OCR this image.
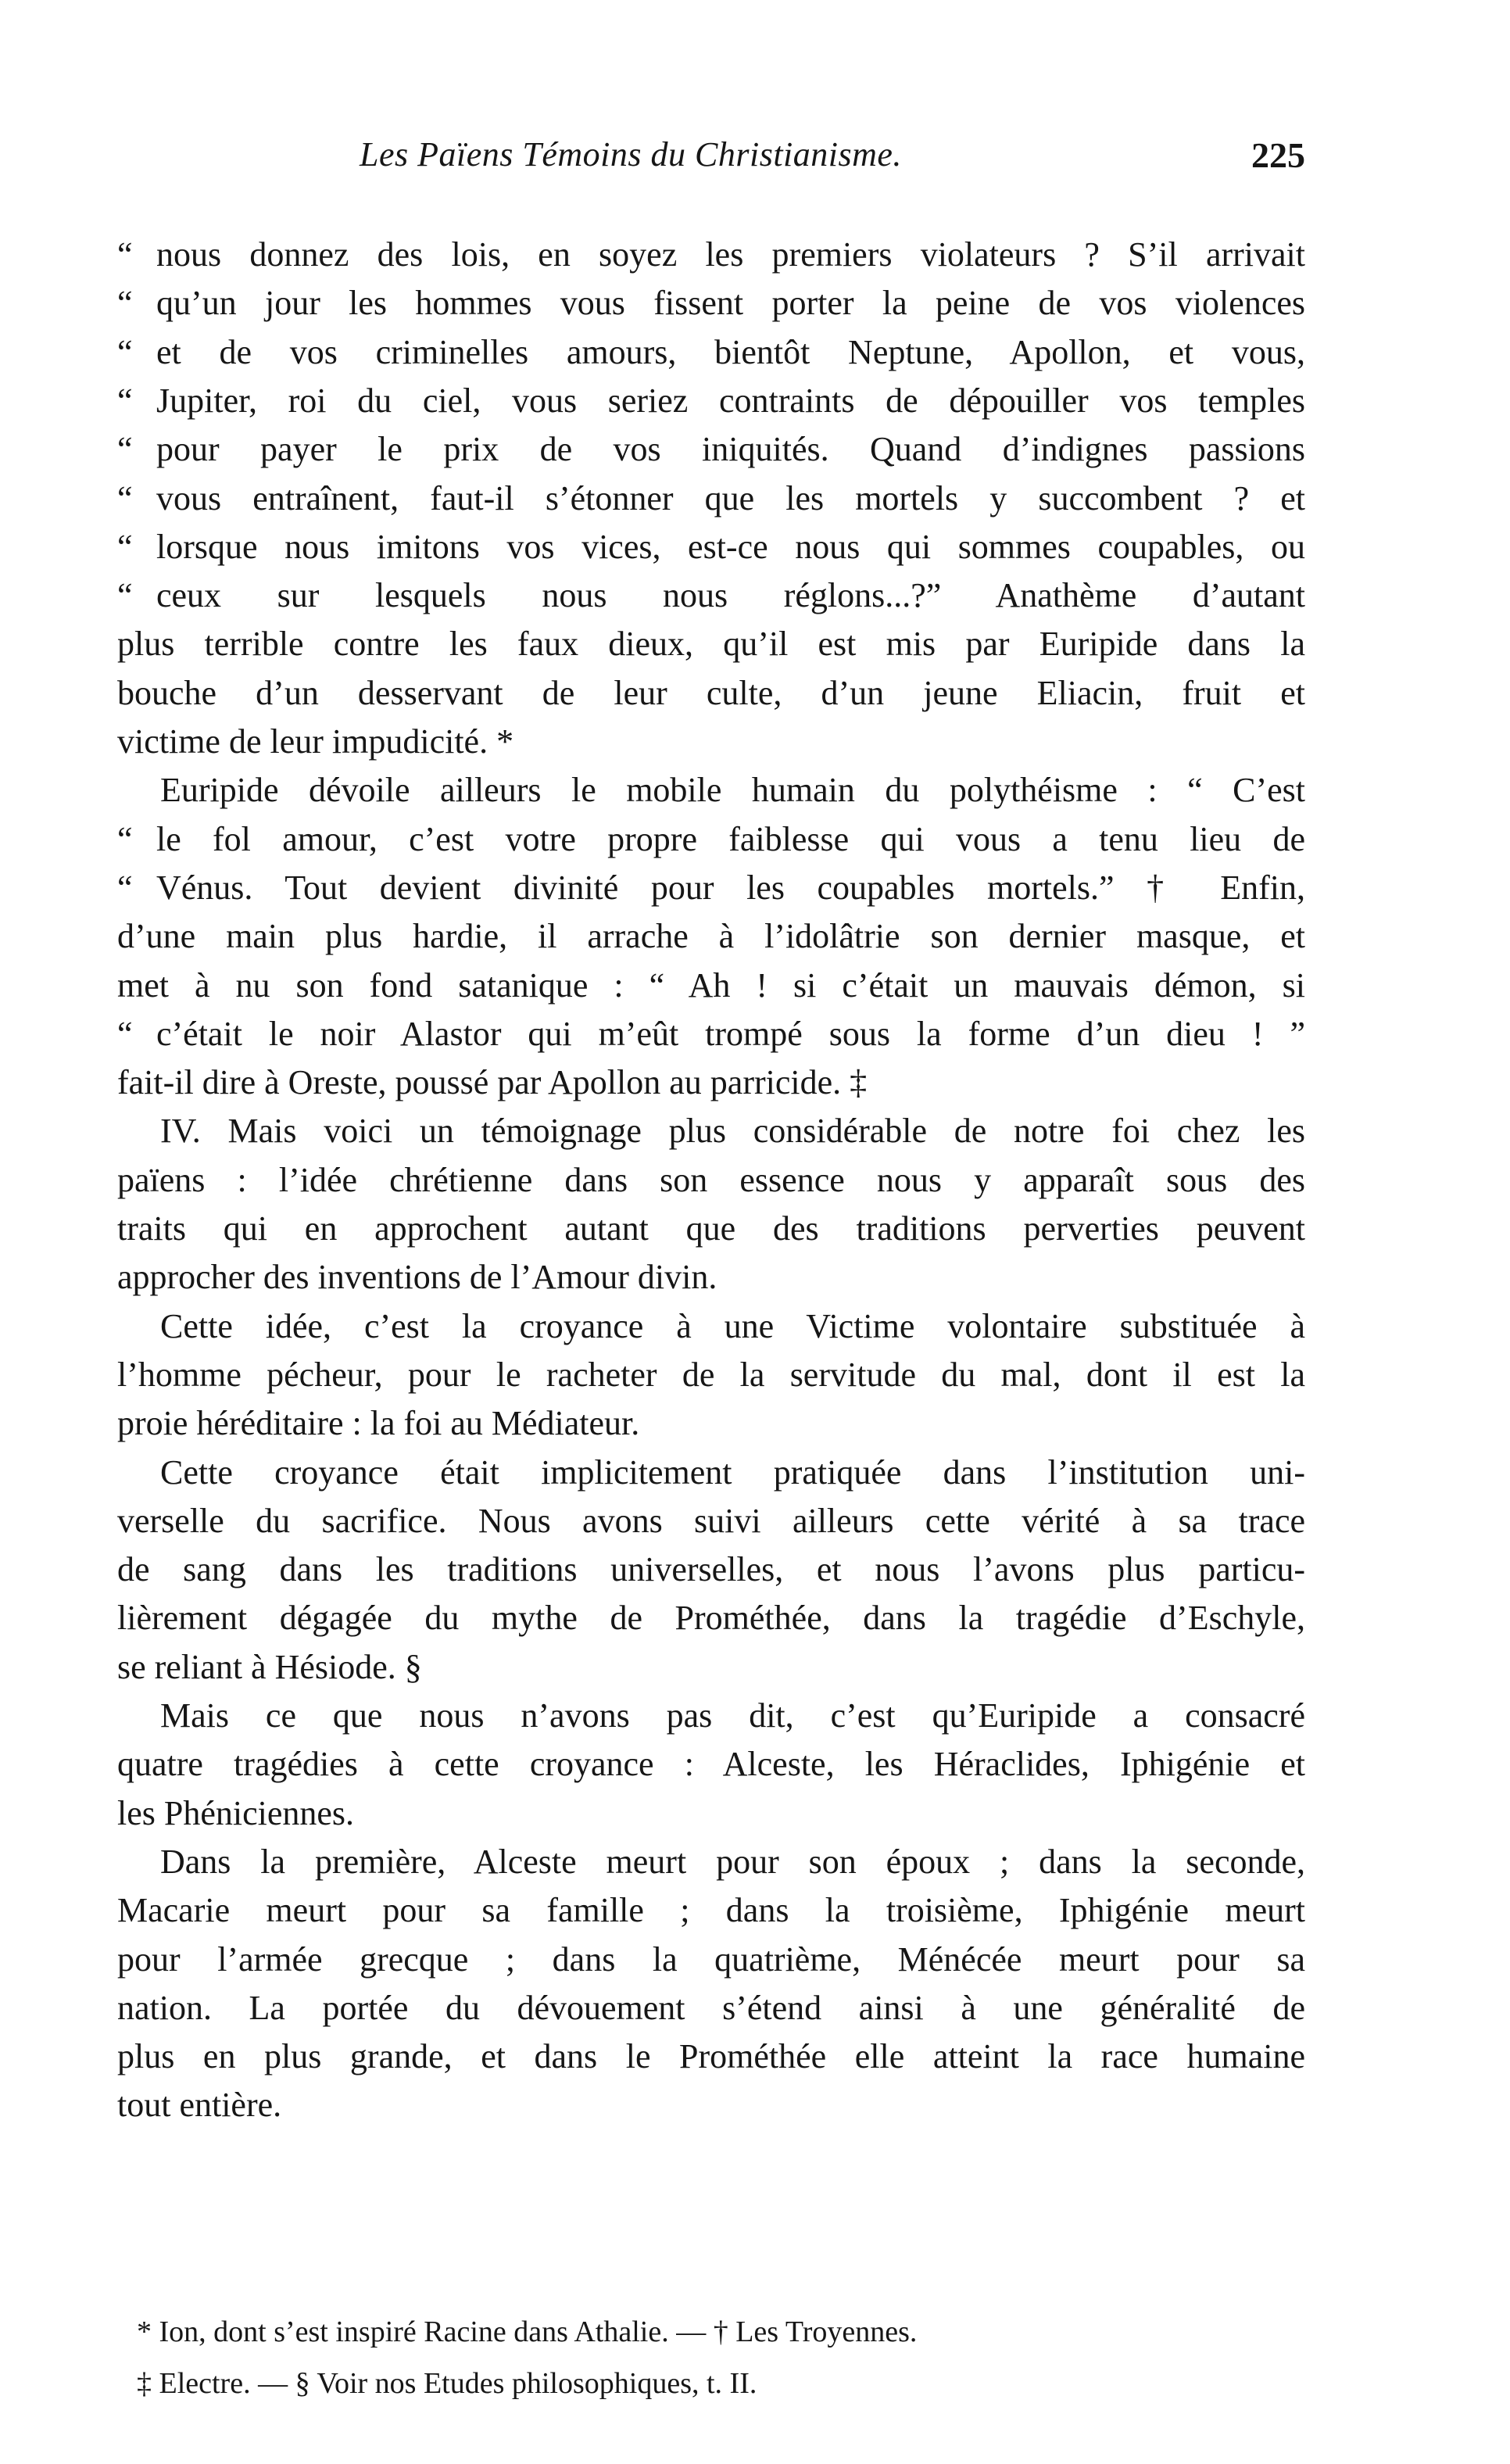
Les Païens Témoins du Christianisme.	225
“ nous donnez des lois, en soyez les premiers violateurs ? S’il arrivait
“ qu’un jour les hommes vous fissent porter la peine de vos violences
“ et de vos criminelles amours, bientôt Neptune, Apollon, et vous,
“ Jupiter, roi du ciel, vous seriez contraints de dépouiller vos temples
“ pour payer le prix de vos iniquités. Quand d’indignes passions
“ vous entraînent, faut-il s’étonner que les mortels y succombent ? et
“ lorsque nous imitons vos vices, est-ce nous qui sommes coupables, ou
“ ceux sur lesquels nous nous réglons...?” Anathème d’autant
plus terrible contre les faux dieux, qu’il est mis par Euripide dans la
bouche d’un desservant de leur culte, d’un jeune Eliacin, fruit et
victime de leur impudicité. *
Euripide dévoile ailleurs le mobile humain du polythéisme : “ C’est
“ le fol amour, c’est votre propre faiblesse qui vous a tenu lieu de
“ Vénus. Tout devient divinité pour les coupables mortels.” † Enfin,
d’une main plus hardie, il arrache à l’idolâtrie son dernier masque, et
met à nu son fond satanique : “ Ah ! si c’était un mauvais démon, si
“ c’était le noir Alastor qui m’eût trompé sous la forme d’un dieu ! ”
fait-il dire à Oreste, poussé par Apollon au parricide. ‡
IV. Mais voici un témoignage plus considérable de notre foi chez les
païens : l’idée chrétienne dans son essence nous y apparaît sous des
traits qui en approchent autant que des traditions perverties peuvent
approcher des inventions de l’Amour divin.
Cette idée, c’est la croyance à une Victime volontaire substituée à
l’homme pécheur, pour le racheter de la servitude du mal, dont il est la
proie héréditaire : la foi au Médiateur.
Cette croyance était implicitement pratiquée dans l’institution uni-
verselle du sacrifice. Nous avons suivi ailleurs cette vérité à sa trace
de sang dans les traditions universelles, et nous l’avons plus particu-
lièrement dégagée du mythe de Prométhée, dans la tragédie d’Eschyle,
se reliant à Hésiode. §
Mais ce que nous n’avons pas dit, c’est qu’Euripide a consacré
quatre tragédies à cette croyance : Alceste, les Héraclides, Iphigénie et
les Phéniciennes.
Dans la première, Alceste meurt pour son époux ; dans la seconde,
Macarie meurt pour sa famille ; dans la troisième, Iphigénie meurt
pour l’armée grecque ; dans la quatrième, Ménécée meurt pour sa
nation. La portée du dévouement s’étend ainsi à une généralité de
plus en plus grande, et dans le Prométhée elle atteint la race humaine
tout entière.
* Ion, dont s’est inspiré Racine dans Athalie. — † Les Troyennes.
‡ Electre. — § Voir nos Etudes philosophiques, t. II.
